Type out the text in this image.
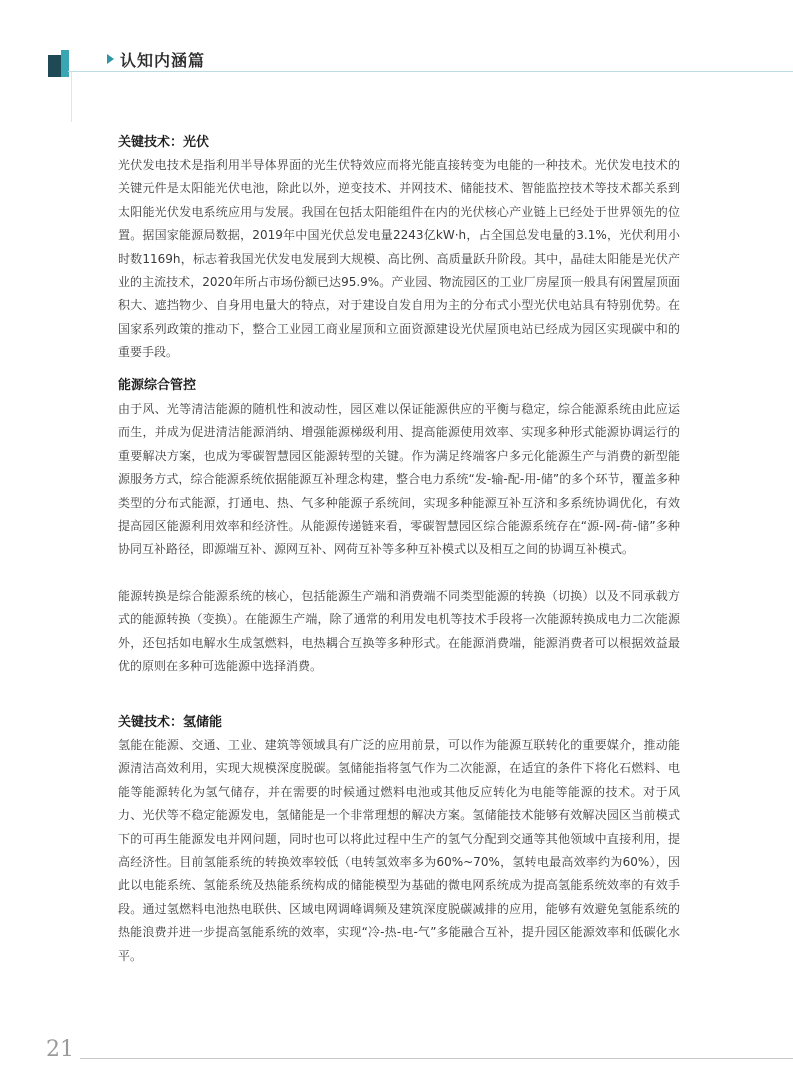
认知内涵篇
关键技术：光伏

光伏发电技术是指利用半导体界面的光生伏特效应而将光能直接转变为电能的一种技术。光伏发电技术的关键元件是太阳能光伏电池，除此以外，逆变技术、并网技术、储能技术、智能监控技术等技术都关系到太阳能光伏发电系统应用与发展。我国在包括太阳能组件在内的光伏核心产业链上已经处于世界领先的位置。据国家能源局数据，2019年中国光伏总发电量2243亿kW·h，占全国总发电量的3.1%，光伏利用小时数1169h，标志着我国光伏发电发展到大规模、高比例、高质量跃升阶段。其中，晶硅太阳能是光伏产业的主流技术，2020年所占市场份额已达95.9%。产业园、物流园区的工业厂房屋顶一般具有闲置屋顶面积大、遮挡物少、自身用电量大的特点，对于建设自发自用为主的分布式小型光伏电站具有特别优势。在国家系列政策的推动下，整合工业园工商业屋顶和立面资源建设光伏屋顶电站已经成为园区实现碳中和的重要手段。

能源综合管控

由于风、光等清洁能源的随机性和波动性，园区难以保证能源供应的平衡与稳定，综合能源系统由此应运而生，并成为促进清洁能源消纳、增强能源梯级利用、提高能源使用效率、实现多种形式能源协调运行的重要解决方案，也成为零碳智慧园区能源转型的关键。作为满足终端客户多元化能源生产与消费的新型能源服务方式，综合能源系统依据能源互补理念构建，整合电力系统“发-输-配-用-储”的多个环节，覆盖多种类型的分布式能源，打通电、热、气多种能源子系统间，实现多种能源互补互济和多系统协调优化，有效提高园区能源利用效率和经济性。从能源传递链来看，零碳智慧园区综合能源系统存在“源-网-荷-储”多种协同互补路径，即源端互补、源网互补、网荷互补等多种互补模式以及相互之间的协调互补模式。

能源转换是综合能源系统的核心，包括能源生产端和消费端不同类型能源的转换（切换）以及不同承载方式的能源转换（变换）。在能源生产端，除了通常的利用发电机等技术手段将一次能源转换成电力二次能源外，还包括如电解水生成氢燃料，电热耦合互换等多种形式。在能源消费端，能源消费者可以根据效益最优的原则在多种可选能源中选择消费。

关键技术：氢储能

氢能在能源、交通、工业、建筑等领域具有广泛的应用前景，可以作为能源互联转化的重要媒介，推动能源清洁高效利用，实现大规模深度脱碳。氢储能指将氢气作为二次能源，在适宜的条件下将化石燃料、电能等能源转化为氢气储存，并在需要的时候通过燃料电池或其他反应转化为电能等能源的技术。对于风力、光伏等不稳定能源发电，氢储能是一个非常理想的解决方案。氢储能技术能够有效解决园区当前模式下的可再生能源发电并网问题，同时也可以将此过程中生产的氢气分配到交通等其他领域中直接利用，提高经济性。目前氢能系统的转换效率较低（电转氢效率多为60%~70%，氢转电最高效率约为60%），因此以电能系统、氢能系统及热能系统构成的储能模型为基础的微电网系统成为提高氢能系统效率的有效手段。通过氢燃料电池热电联供、区域电网调峰调频及建筑深度脱碳减排的应用，能够有效避免氢能系统的热能浪费并进一步提高氢能系统的效率，实现“冷-热-电-气”多能融合互补，提升园区能源效率和低碳化水平。

21
